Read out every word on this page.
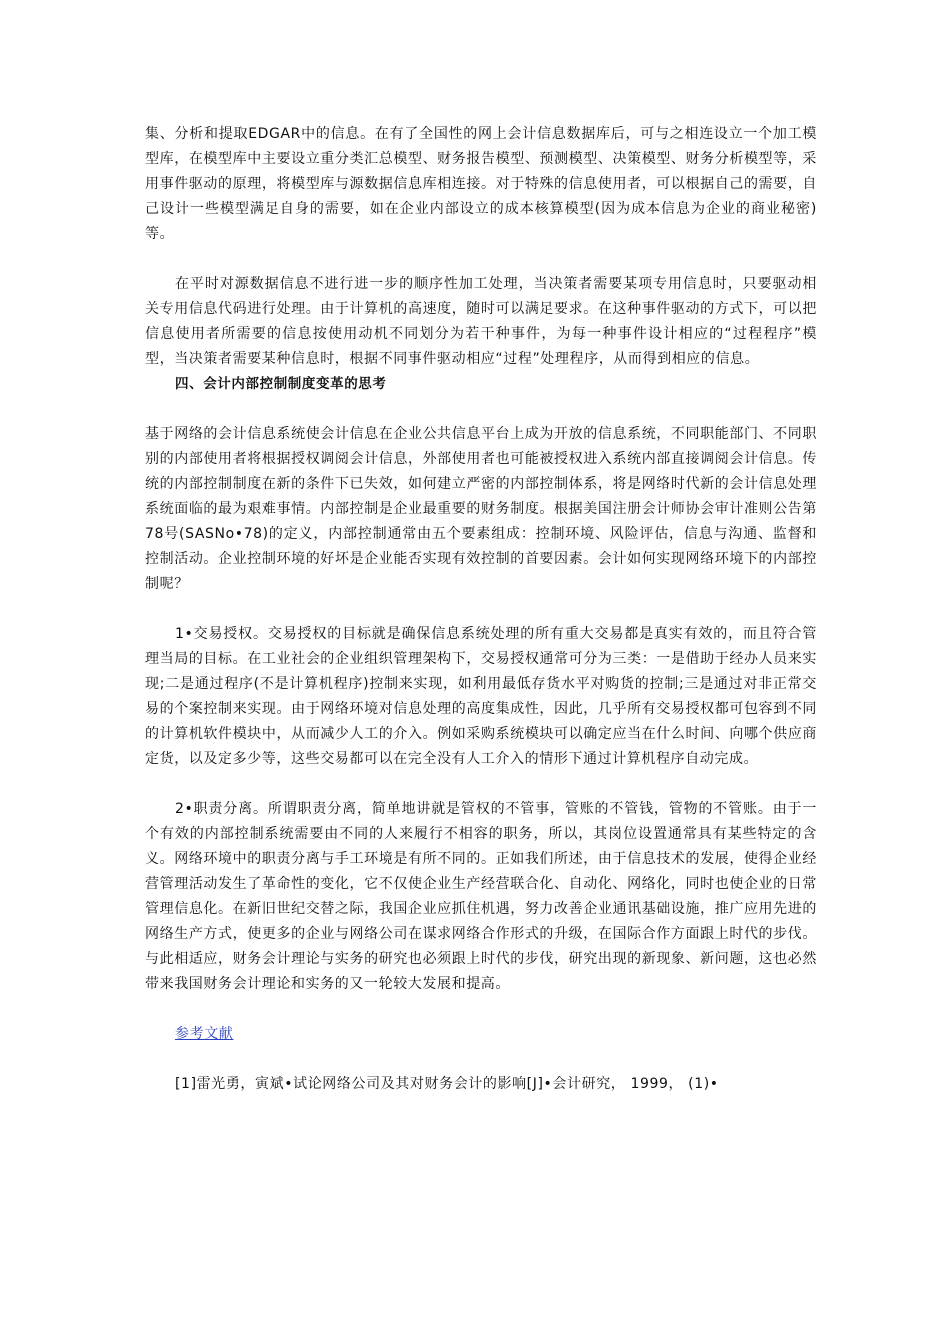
集、分析和提取EDGAR中的信息。在有了全国性的网上会计信息数据库后，可与之相连设立一个加工模型库，在模型库中主要设立重分类汇总模型、财务报告模型、预测模型、决策模型、财务分析模型等，采用事件驱动的原理，将模型库与源数据信息库相连接。对于特殊的信息使用者，可以根据自己的需要，自己设计一些模型满足自身的需要，如在企业内部设立的成本核算模型(因为成本信息为企业的商业秘密)等。

在平时对源数据信息不进行进一步的顺序性加工处理，当决策者需要某项专用信息时，只要驱动相关专用信息代码进行处理。由于计算机的高速度，随时可以满足要求。在这种事件驱动的方式下，可以把信息使用者所需要的信息按使用动机不同划分为若干种事件，为每一种事件设计相应的“过程程序”模型，当决策者需要某种信息时，根据不同事件驱动相应“过程”处理程序，从而得到相应的信息。

四、会计内部控制制度变革的思考

基于网络的会计信息系统使会计信息在企业公共信息平台上成为开放的信息系统，不同职能部门、不同职别的内部使用者将根据授权调阅会计信息，外部使用者也可能被授权进入系统内部直接调阅会计信息。传统的内部控制制度在新的条件下已失效，如何建立严密的内部控制体系，将是网络时代新的会计信息处理系统面临的最为艰难事情。内部控制是企业最重要的财务制度。根据美国注册会计师协会审计准则公告第78号(SASNo•78)的定义，内部控制通常由五个要素组成：控制环境、风险评估，信息与沟通、监督和控制活动。企业控制环境的好坏是企业能否实现有效控制的首要因素。会计如何实现网络环境下的内部控制呢？

1•交易授权。交易授权的目标就是确保信息系统处理的所有重大交易都是真实有效的，而且符合管理当局的目标。在工业社会的企业组织管理架构下，交易授权通常可分为三类：一是借助于经办人员来实现;二是通过程序(不是计算机程序)控制来实现，如利用最低存货水平对购货的控制;三是通过对非正常交易的个案控制来实现。由于网络环境对信息处理的高度集成性，因此，几乎所有交易授权都可包容到不同的计算机软件模块中，从而减少人工的介入。例如采购系统模块可以确定应当在什么时间、向哪个供应商定货，以及定多少等，这些交易都可以在完全没有人工介入的情形下通过计算机程序自动完成。

2•职责分离。所谓职责分离，简单地讲就是管权的不管事，管账的不管钱，管物的不管账。由于一个有效的内部控制系统需要由不同的人来履行不相容的职务，所以，其岗位设置通常具有某些特定的含义。网络环境中的职责分离与手工环境是有所不同的。正如我们所述，由于信息技术的发展，使得企业经营管理活动发生了革命性的变化，它不仅使企业生产经营联合化、自动化、网络化，同时也使企业的日常管理信息化。在新旧世纪交替之际，我国企业应抓住机遇，努力改善企业通讯基础设施，推广应用先进的网络生产方式，使更多的企业与网络公司在谋求网络合作形式的升级，在国际合作方面跟上时代的步伐。与此相适应，财务会计理论与实务的研究也必须跟上时代的步伐，研究出现的新现象、新问题，这也必然带来我国财务会计理论和实务的又一轮较大发展和提高。

参考文献
[1]雷光勇，寅斌•试论网络公司及其对财务会计的影响[J]•会计研究， 1999， (1)•
